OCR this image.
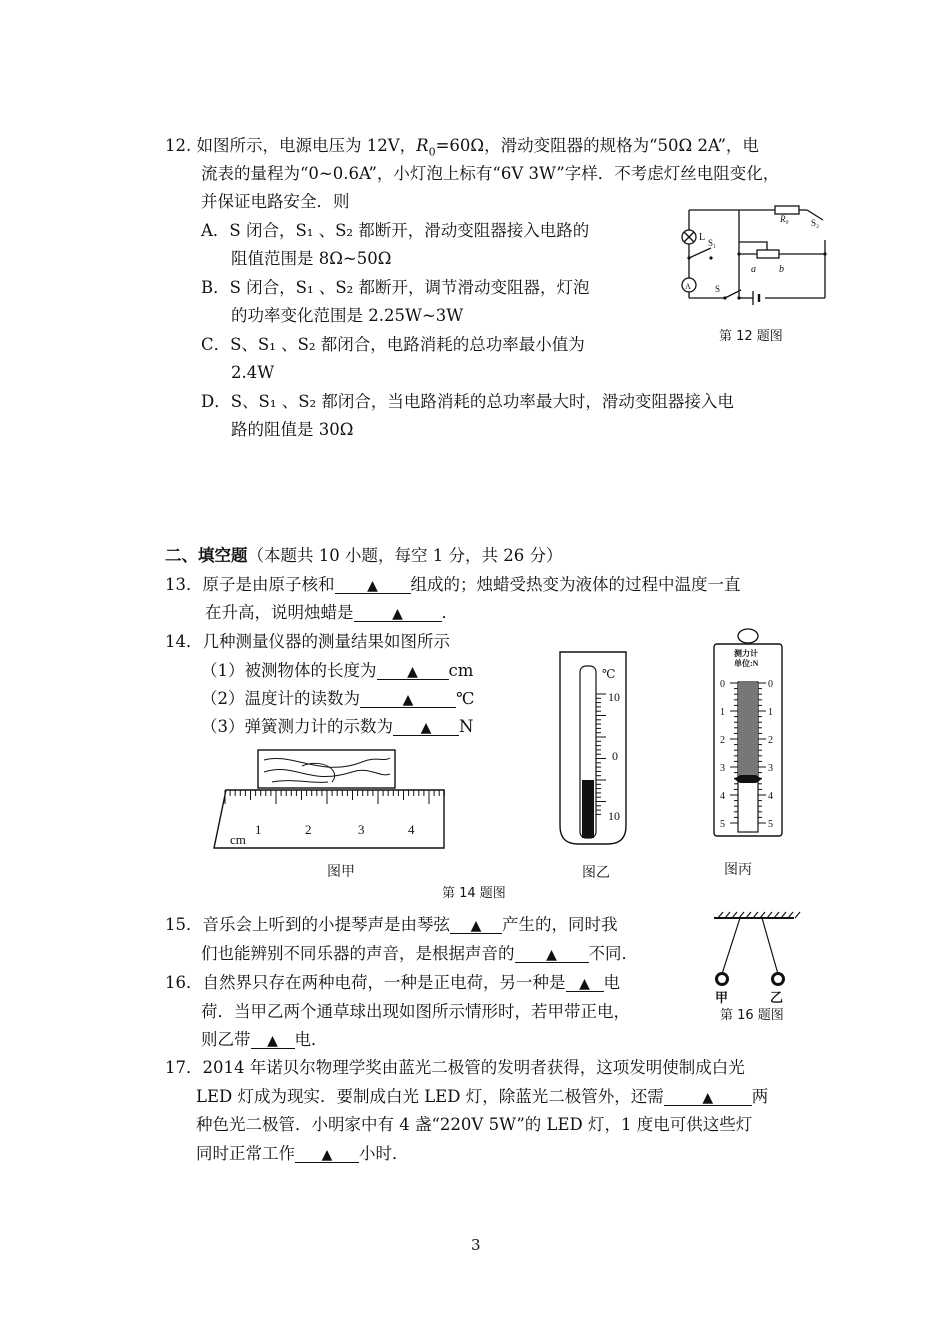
12. 如图所示，电源电压为 12V，$R_0=60\Omega$，滑动变阻器的规格为“50Ω 2A”，电
流表的量程为“0~0.6A”，小灯泡上标有“6V 3W”字样．不考虑灯丝电阻变化，
并保证电路安全．则
A．S 闭合，S₁ 、S₂ 都断开，滑动变阻器接入电路的
阻值范围是 8Ω~50Ω
B．S 闭合，S₁ 、S₂ 都断开，调节滑动变阻器，灯泡
的功率变化范围是 2.25W~3W
C．S、S₁ 、S₂ 都闭合，电路消耗的总功率最小值为
2.4W
D．S、S₁ 、S₂ 都闭合，当电路消耗的总功率最大时，滑动变阻器接入电
路的阻值是 30Ω
L S₁
R₀ S₂
a b
A	S
第 12 题图
二、填空题（本题共 10 小题，每空 1 分，共 26 分）
13．原子是由原子核和 ▲ 组成的；烛蜡受热变为液体的过程中温度一直
在升高，说明烛蜡是	▲ ．
14．几种测量仪器的测量结果如图所示
（1）被测物体的长度为 ▲ cm
（2）温度计的读数为	▲	℃
（3）弹簧测力计的示数为 ▲ N
cm
1	2	3	4
℃
10
0
10
测力计
单位:N
0
1
2
3
4
5
0
1
2
3
4
5
图甲	图乙	图丙
第 14 题图
15．音乐会上听到的小提琴声是由琴弦 ▲ 产生的，同时我
们也能辨别不同乐器的声音，是根据声音的 ▲ 不同．
16．自然界只存在两种电荷，一种是正电荷，另一种是 ▲ 电
荷．当甲乙两个通草球出现如图所示情形时，若甲带正电，
则乙带 ▲ 电．
甲	乙
第 16 题图
17．2014 年诺贝尔物理学奖由蓝光二极管的发明者获得，这项发明使制成白光
LED 灯成为现实．要制成白光 LED 灯，除蓝光二极管外，还需	▲ 两
种色光二极管．小明家中有 4 盏“220V 5W”的 LED 灯，1 度电可供这些灯
同时正常工作 ▲ 小时．
3
